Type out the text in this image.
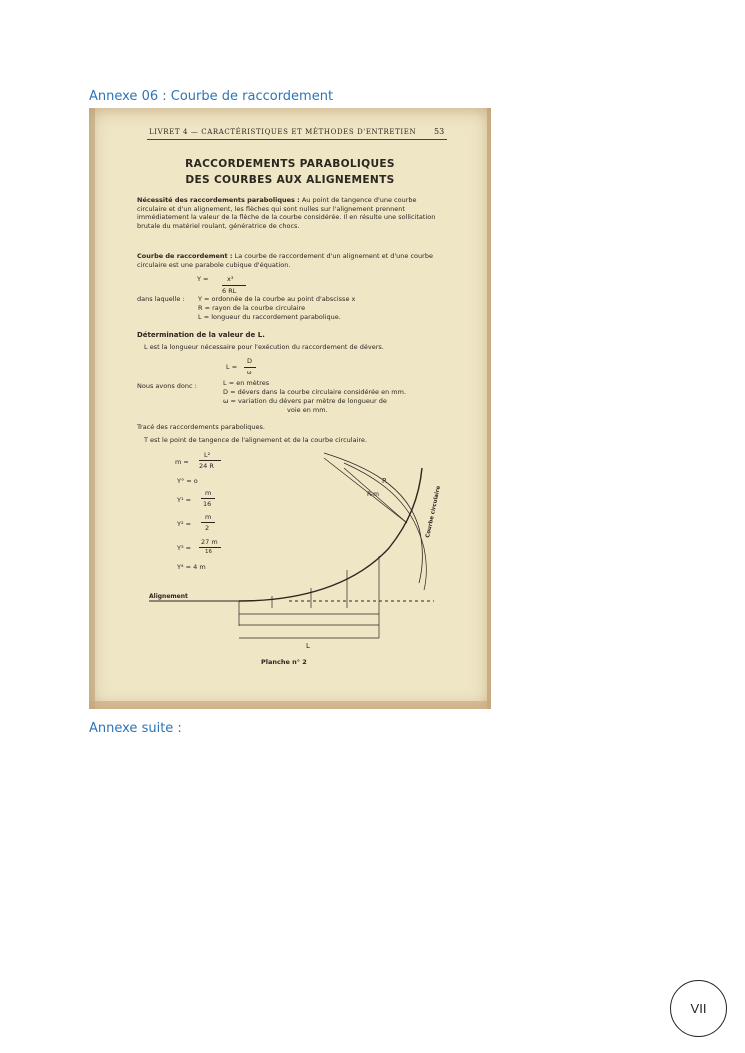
Annexe 06 : Courbe de raccordement
LIVRET 4 — CARACTÉRISTIQUES ET MÉTHODES D'ENTRETIEN 53
RACCORDEMENTS PARABOLIQUES
DES COURBES AUX ALIGNEMENTS
Nécessité des raccordements paraboliques : Au point de tangence d'une courbe circulaire et d'un alignement, les flèches qui sont nulles sur l'alignement prennent immédiatement la valeur de la flèche de la courbe considérée. Il en résulte une sollicitation brutale du matériel roulant, génératrice de chocs.
Courbe de raccordement : La courbe de raccordement d'un alignement et d'une courbe circulaire est une parabole cubique d'équation.
Y =	x³
6 RL
dans laquelle : Y = ordonnée de la courbe au point d'abscisse x
R = rayon de la courbe circulaire
L = longueur du raccordement parabolique.
Détermination de la valeur de L.
L est la longueur nécessaire pour l'exécution du raccordement de dévers.
L =
D
ω
Nous avons donc :	L = en mètres
D = dévers dans la courbe circulaire considérée en mm.
ω = variation du dévers par mètre de longueur de
voie en mm.
Tracé des raccordements paraboliques.
T est le point de tangence de l'alignement et de la courbe circulaire.
m =
L²
24 R
Y° = o
Y¹ =
m
16
Y² =
m
2
Y³ =
27 m
16
Y⁴ = 4 m
Alignement
R
R-m	Courbe circulaire
L
Planche n° 2
Annexe suite :
VII
